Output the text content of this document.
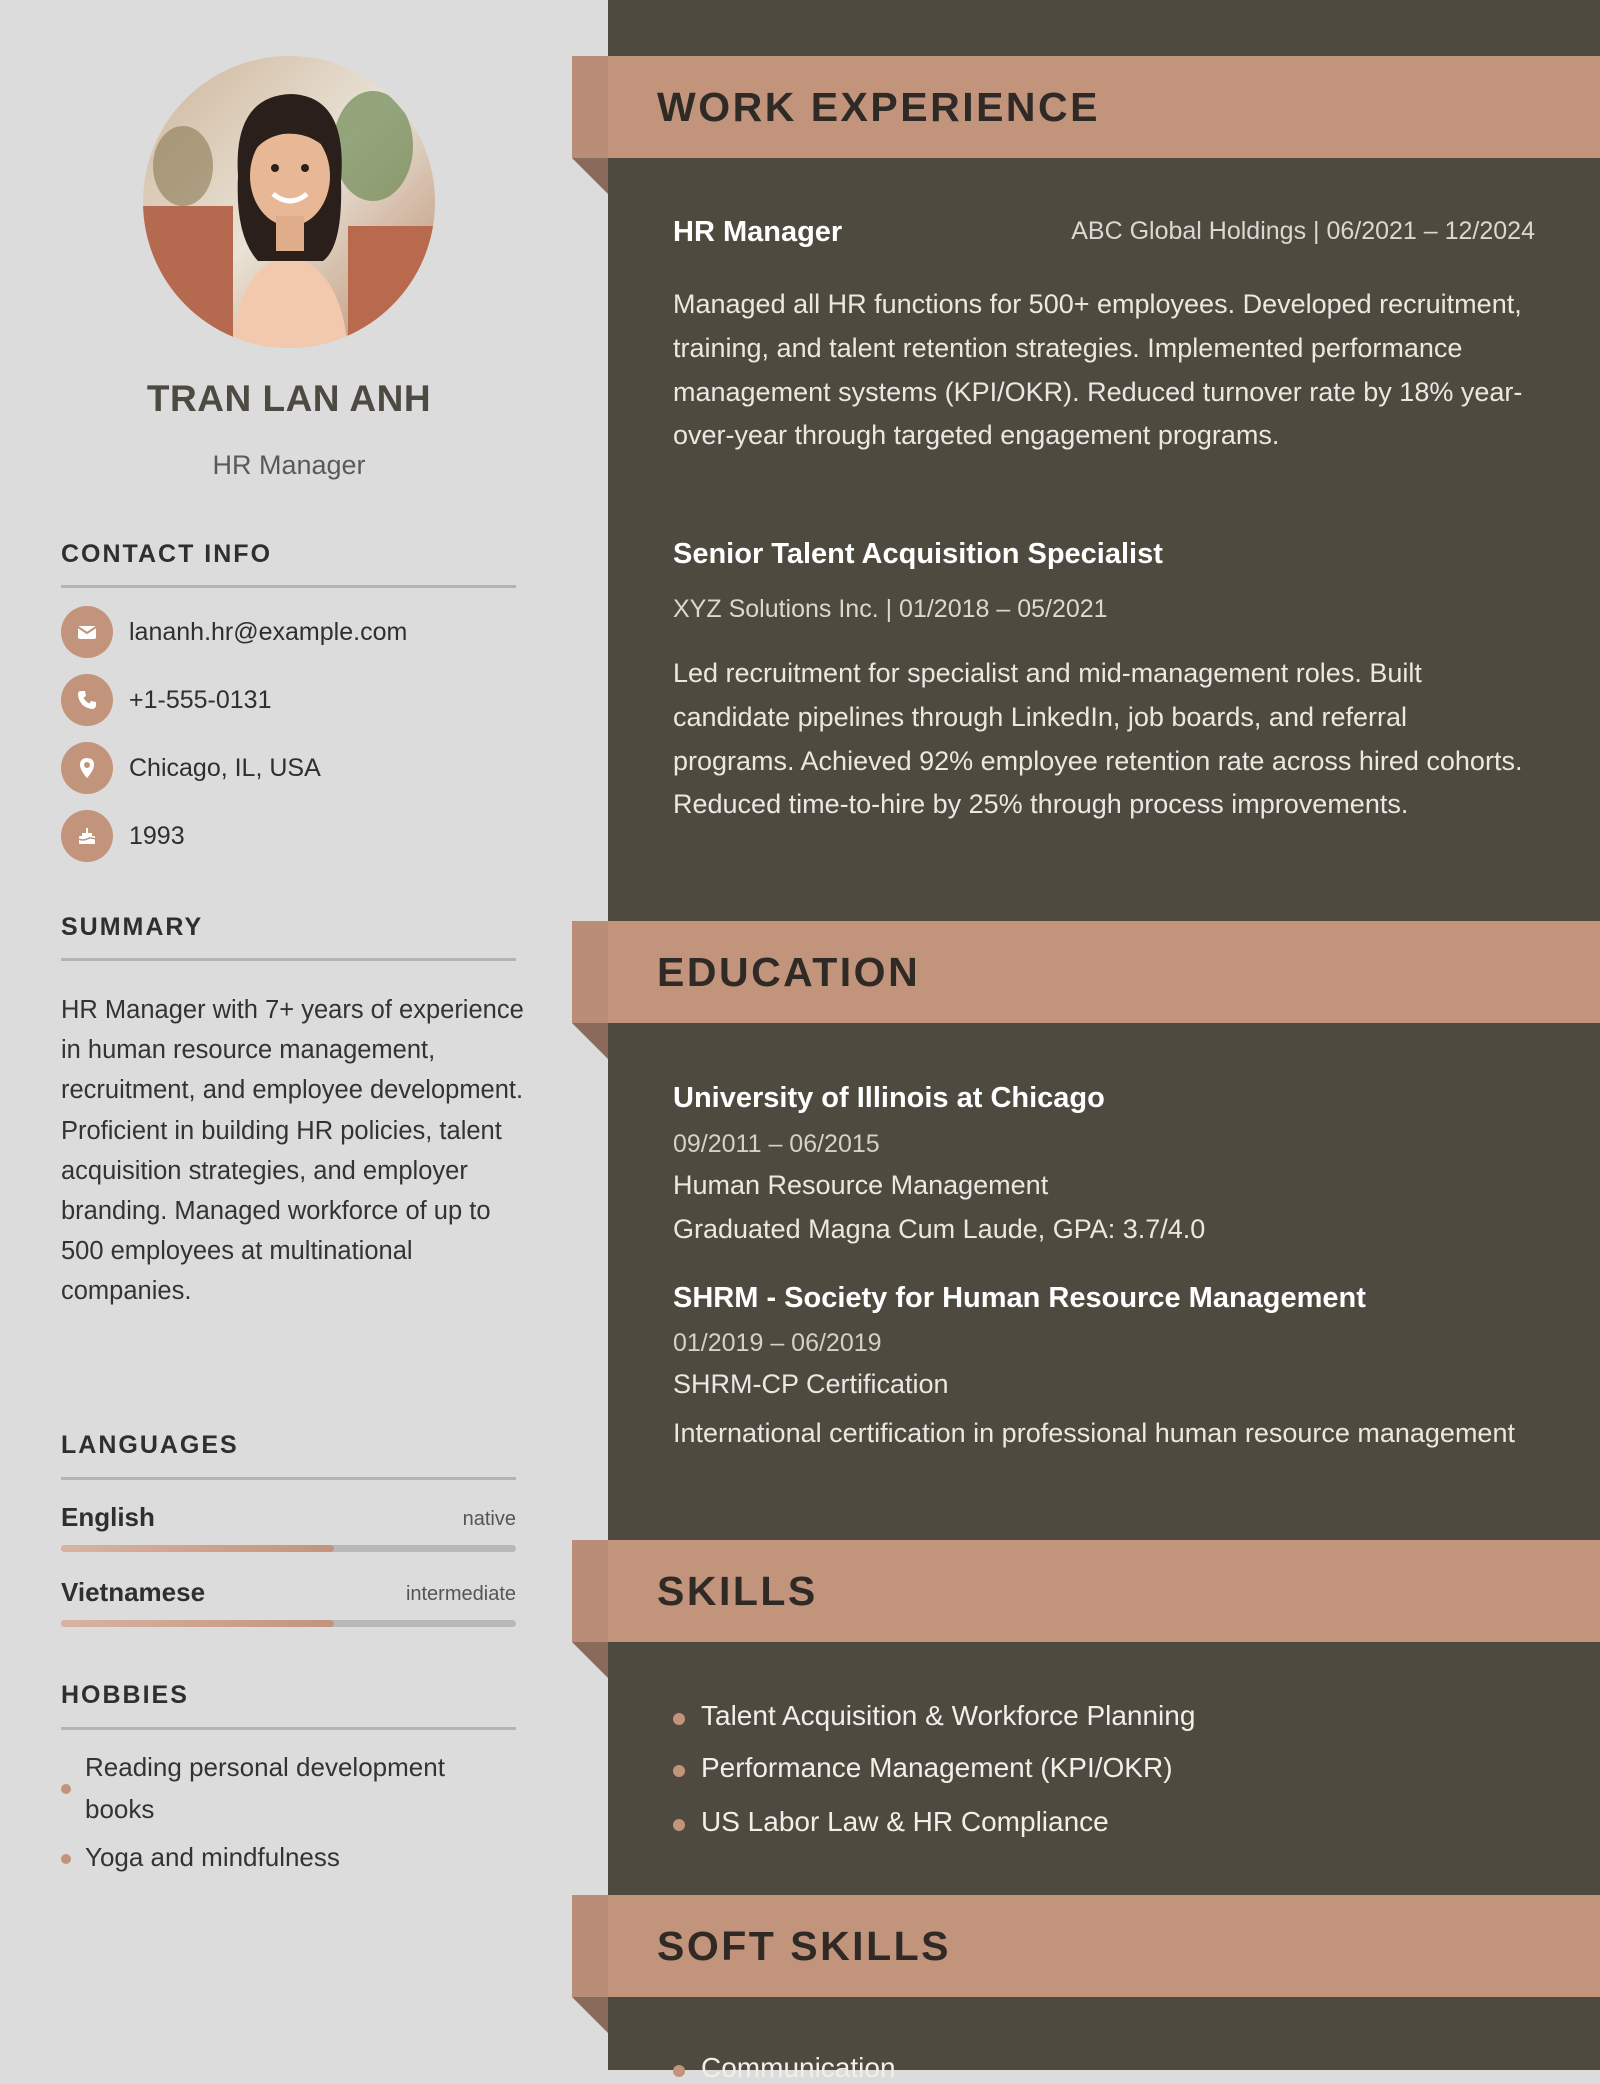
TRAN LAN ANH
HR Manager
CONTACT INFO
lananh.hr@example.com
+1-555-0131
Chicago, IL, USA
1993
SUMMARY
HR Manager with 7+ years of experience in human resource management, recruitment, and employee development. Proficient in building HR policies, talent acquisition strategies, and employer branding. Managed workforce of up to 500 employees at multinational companies.
LANGUAGES
English	native
Vietnamese	intermediate
HOBBIES
Reading personal development books
Yoga and mindfulness
WORK EXPERIENCE
HR Manager	ABC Global Holdings | 06/2021 – 12/2024
Managed all HR functions for 500+ employees. Developed recruitment, training, and talent retention strategies. Implemented performance management systems (KPI/OKR). Reduced turnover rate by 18% year-over-year through targeted engagement programs.
Senior Talent Acquisition Specialist
XYZ Solutions Inc. | 01/2018 – 05/2021
Led recruitment for specialist and mid-management roles. Built candidate pipelines through LinkedIn, job boards, and referral programs. Achieved 92% employee retention rate across hired cohorts. Reduced time-to-hire by 25% through process improvements.
EDUCATION
University of Illinois at Chicago
09/2011 – 06/2015
Human Resource Management
Graduated Magna Cum Laude, GPA: 3.7/4.0
SHRM - Society for Human Resource Management
01/2019 – 06/2019
SHRM-CP Certification
International certification in professional human resource management
SKILLS
Talent Acquisition & Workforce Planning
Performance Management (KPI/OKR)
US Labor Law & HR Compliance
SOFT SKILLS
Communication
